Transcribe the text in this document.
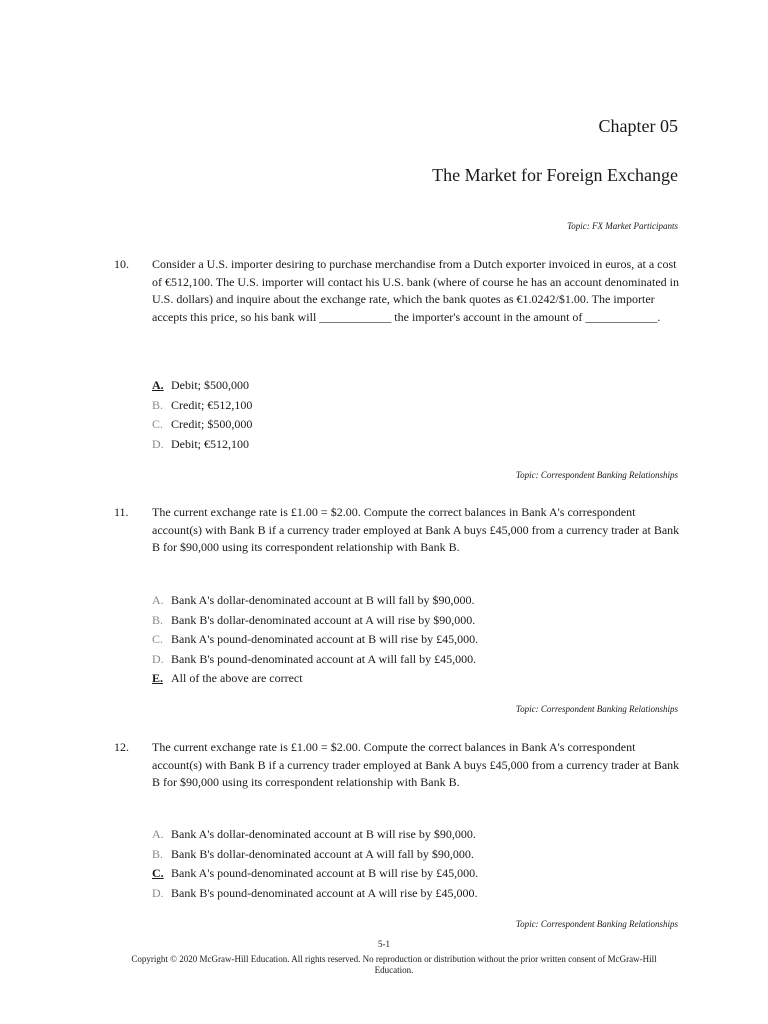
Chapter 05
The Market for Foreign Exchange
Topic: FX Market Participants
10. Consider a U.S. importer desiring to purchase merchandise from a Dutch exporter invoiced in euros, at a cost of €512,100. The U.S. importer will contact his U.S. bank (where of course he has an account denominated in U.S. dollars) and inquire about the exchange rate, which the bank quotes as €1.0242/$1.00. The importer accepts this price, so his bank will ____________ the importer's account in the amount of ____________.
A. Debit; $500,000
B. Credit; €512,100
C. Credit; $500,000
D. Debit; €512,100
Topic: Correspondent Banking Relationships
11. The current exchange rate is £1.00 = $2.00. Compute the correct balances in Bank A's correspondent account(s) with Bank B if a currency trader employed at Bank A buys £45,000 from a currency trader at Bank B for $90,000 using its correspondent relationship with Bank B.
A. Bank A's dollar-denominated account at B will fall by $90,000.
B. Bank B's dollar-denominated account at A will rise by $90,000.
C. Bank A's pound-denominated account at B will rise by £45,000.
D. Bank B's pound-denominated account at A will fall by £45,000.
E. All of the above are correct
Topic: Correspondent Banking Relationships
12. The current exchange rate is £1.00 = $2.00. Compute the correct balances in Bank A's correspondent account(s) with Bank B if a currency trader employed at Bank A buys £45,000 from a currency trader at Bank B for $90,000 using its correspondent relationship with Bank B.
A. Bank A's dollar-denominated account at B will rise by $90,000.
B. Bank B's dollar-denominated account at A will fall by $90,000.
C. Bank A's pound-denominated account at B will rise by £45,000.
D. Bank B's pound-denominated account at A will rise by £45,000.
Topic: Correspondent Banking Relationships
5-1
Copyright © 2020 McGraw-Hill Education. All rights reserved. No reproduction or distribution without the prior written consent of McGraw-Hill Education.
